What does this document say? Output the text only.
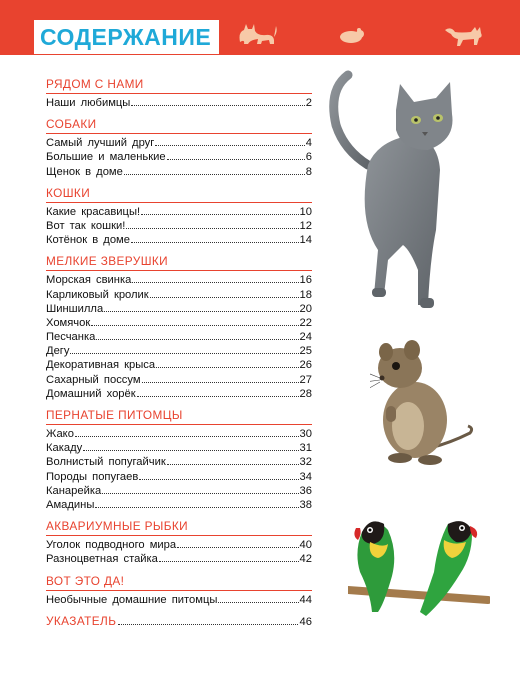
СОДЕРЖАНИЕ
РЯДОМ С НАМИ
Наши любимцы	2
СОБАКИ
Самый лучший друг	4
Большие и маленькие	6
Щенок в доме	8
КОШКИ
Какие красавицы!	10
Вот так кошки!	12
Котёнок в доме	14
МЕЛКИЕ ЗВЕРУШКИ
Морская свинка	16
Карликовый кролик	18
Шиншилла	20
Хомячок	22
Песчанка	24
Дегу	25
Декоративная крыса	26
Сахарный поссум	27
Домашний хорёк	28
ПЕРНАТЫЕ ПИТОМЦЫ
Жако	30
Какаду	31
Волнистый попугайчик	32
Породы попугаев	34
Канарейка	36
Амадины	38
АКВАРИУМНЫЕ РЫБКИ
Уголок подводного мира	40
Разноцветная стайка	42
ВОТ ЭТО ДА!
Необычные домашние питомцы	44
УКАЗАТЕЛЬ	46
